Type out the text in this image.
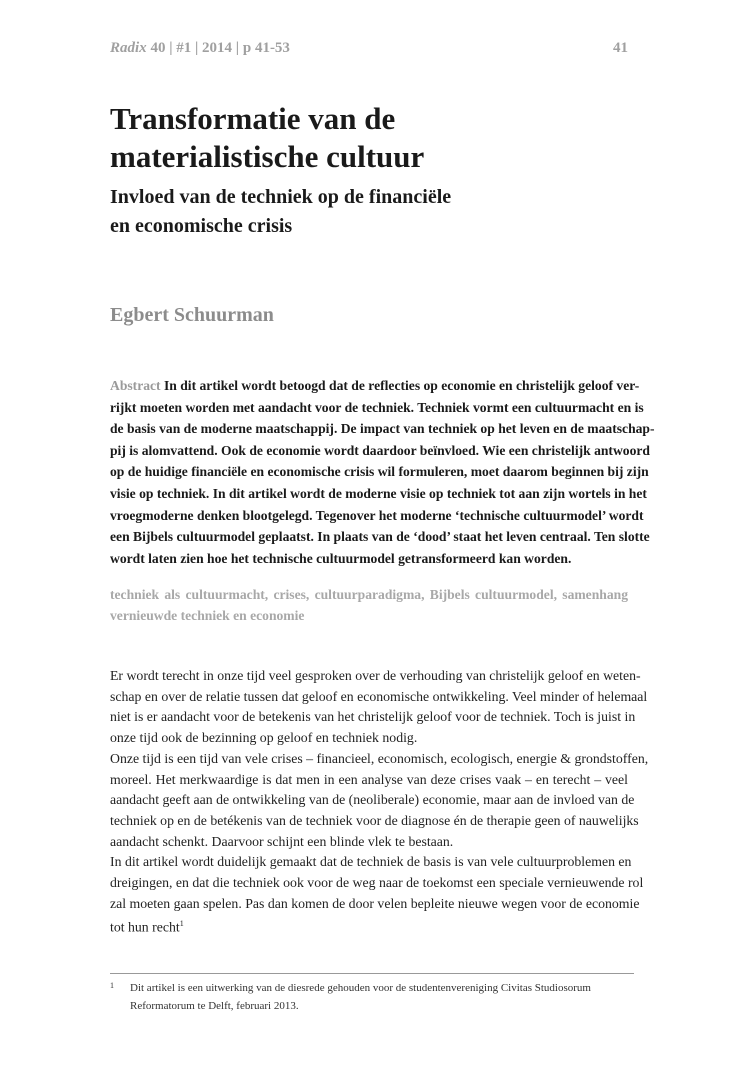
Radix 40 | #1 | 2014 | p 41-53	41
Transformatie van de
materialistische cultuur
Invloed van de techniek op de financiële
en economische crisis
Egbert Schuurman
Abstract In dit artikel wordt betoogd dat de reflecties op economie en christelijk geloof ver-
rijkt moeten worden met aandacht voor de techniek. Techniek vormt een cultuurmacht en is
de basis van de moderne maatschappij. De impact van techniek op het leven en de maatschap-
pij is alomvattend. Ook de economie wordt daardoor beïnvloed. Wie een christelijk antwoord
op de huidige financiële en economische crisis wil formuleren, moet daarom beginnen bij zijn
visie op techniek. In dit artikel wordt de moderne visie op techniek tot aan zijn wortels in het
vroegmoderne denken blootgelegd. Tegenover het moderne ‘technische cultuurmodel’ wordt
een Bijbels cultuurmodel geplaatst. In plaats van de ‘dood’ staat het leven centraal. Ten slotte
wordt laten zien hoe het technische cultuurmodel getransformeerd kan worden.
techniek als cultuurmacht, crises, cultuurparadigma, Bijbels cultuurmodel, samenhang
vernieuwde techniek en economie
Er wordt terecht in onze tijd veel gesproken over de verhouding van christelijk geloof en weten-
schap en over de relatie tussen dat geloof en economische ontwikkeling. Veel minder of helemaal
niet is er aandacht voor de betekenis van het christelijk geloof voor de techniek. Toch is juist in
onze tijd ook de bezinning op geloof en techniek nodig.
Onze tijd is een tijd van vele crises – financieel, economisch, ecologisch, energie & grondstoffen,
moreel. Het merkwaardige is dat men in een analyse van deze crises vaak – en terecht – veel
aandacht geeft aan de ontwikkeling van de (neoliberale) economie, maar aan de invloed van de
techniek op en de betékenis van de techniek voor de diagnose én de therapie geen of nauwelijks
aandacht schenkt. Daarvoor schijnt een blinde vlek te bestaan.
In dit artikel wordt duidelijk gemaakt dat de techniek de basis is van vele cultuurproblemen en
dreigingen, en dat die techniek ook voor de weg naar de toekomst een speciale vernieuwende rol
zal moeten gaan spelen. Pas dan komen de door velen bepleite nieuwe wegen voor de economie
tot hun recht$^1$
1 Dit artikel is een uitwerking van de diesrede gehouden voor de studentenvereniging Civitas Studiosorum
Reformatorum te Delft, februari 2013.
